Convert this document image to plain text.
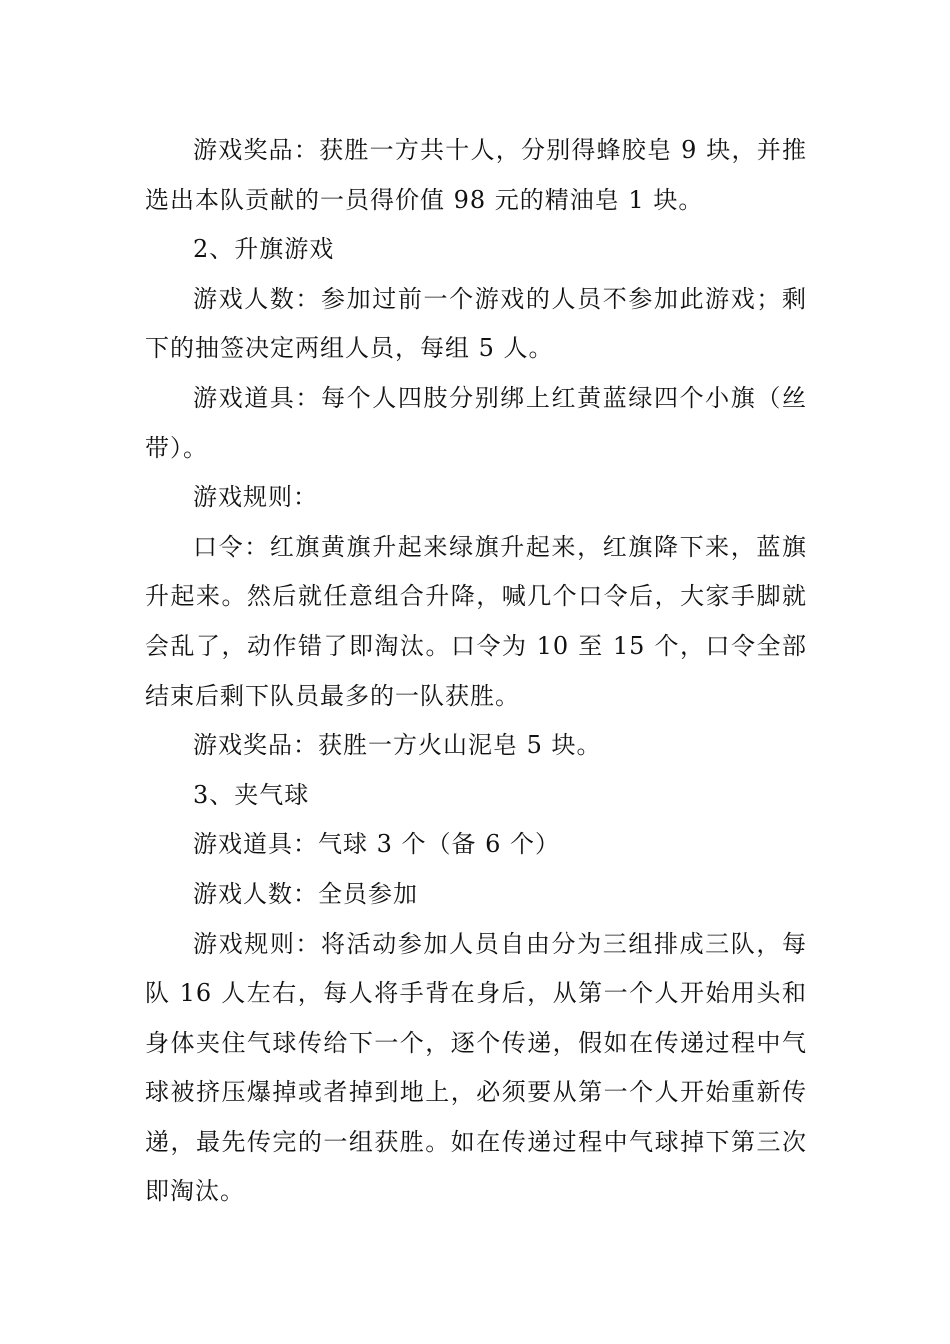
游戏奖品：获胜一方共十人，分别得蜂胶皂 9 块，并推选出本队贡献的一员得价值 98 元的精油皂 1 块。

2、升旗游戏

游戏人数：参加过前一个游戏的人员不参加此游戏；剩下的抽签决定两组人员，每组 5 人。

游戏道具：每个人四肢分别绑上红黄蓝绿四个小旗（丝带）。

游戏规则：

口令：红旗黄旗升起来绿旗升起来，红旗降下来，蓝旗升起来。然后就任意组合升降，喊几个口令后，大家手脚就会乱了，动作错了即淘汰。口令为 10 至 15 个，口令全部结束后剩下队员最多的一队获胜。

游戏奖品：获胜一方火山泥皂 5 块。

3、夹气球

游戏道具：气球 3 个（备 6 个）

游戏人数：全员参加

游戏规则：将活动参加人员自由分为三组排成三队，每队 16 人左右，每人将手背在身后，从第一个人开始用头和身体夹住气球传给下一个，逐个传递，假如在传递过程中气球被挤压爆掉或者掉到地上，必须要从第一个人开始重新传递，最先传完的一组获胜。如在传递过程中气球掉下第三次即淘汰。
